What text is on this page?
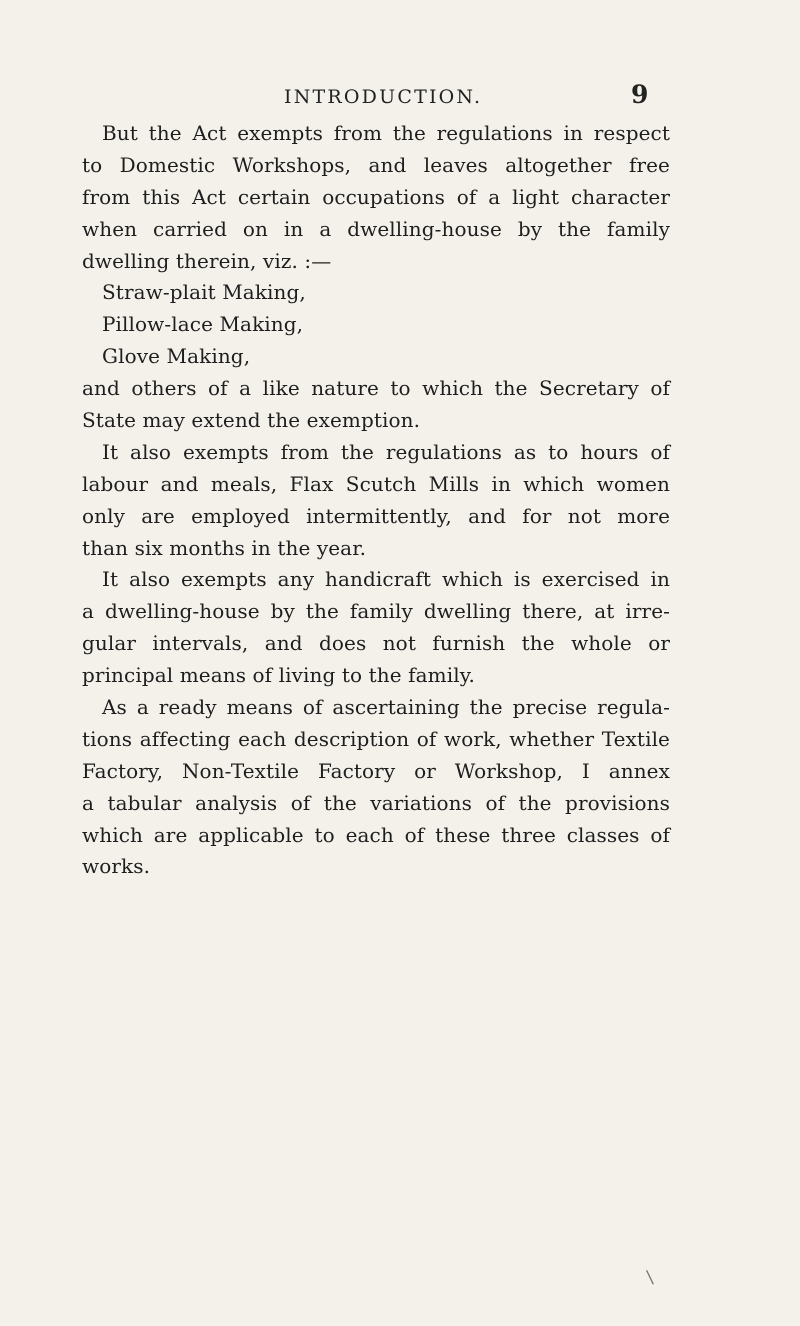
INTRODUCTION.	9
But the Act exempts from the regulations in respect
to Domestic Workshops, and leaves altogether free
from this Act certain occupations of a light character
when carried on in a dwelling-house by the family
dwelling therein, viz. :—
Straw-plait Making,
Pillow-lace Making,
Glove Making,
and others of a like nature to which the Secretary of
State may extend the exemption.
It also exempts from the regulations as to hours of
labour and meals, Flax Scutch Mills in which women
only are employed intermittently, and for not more
than six months in the year.
It also exempts any handicraft which is exercised in
a dwelling-house by the family dwelling there, at irre-
gular intervals, and does not furnish the whole or
principal means of living to the family.
As a ready means of ascertaining the precise regula-
tions affecting each description of work, whether Textile
Factory, Non-Textile Factory or Workshop, I annex
a tabular analysis of the variations of the provisions
which are applicable to each of these three classes of
works.
\
